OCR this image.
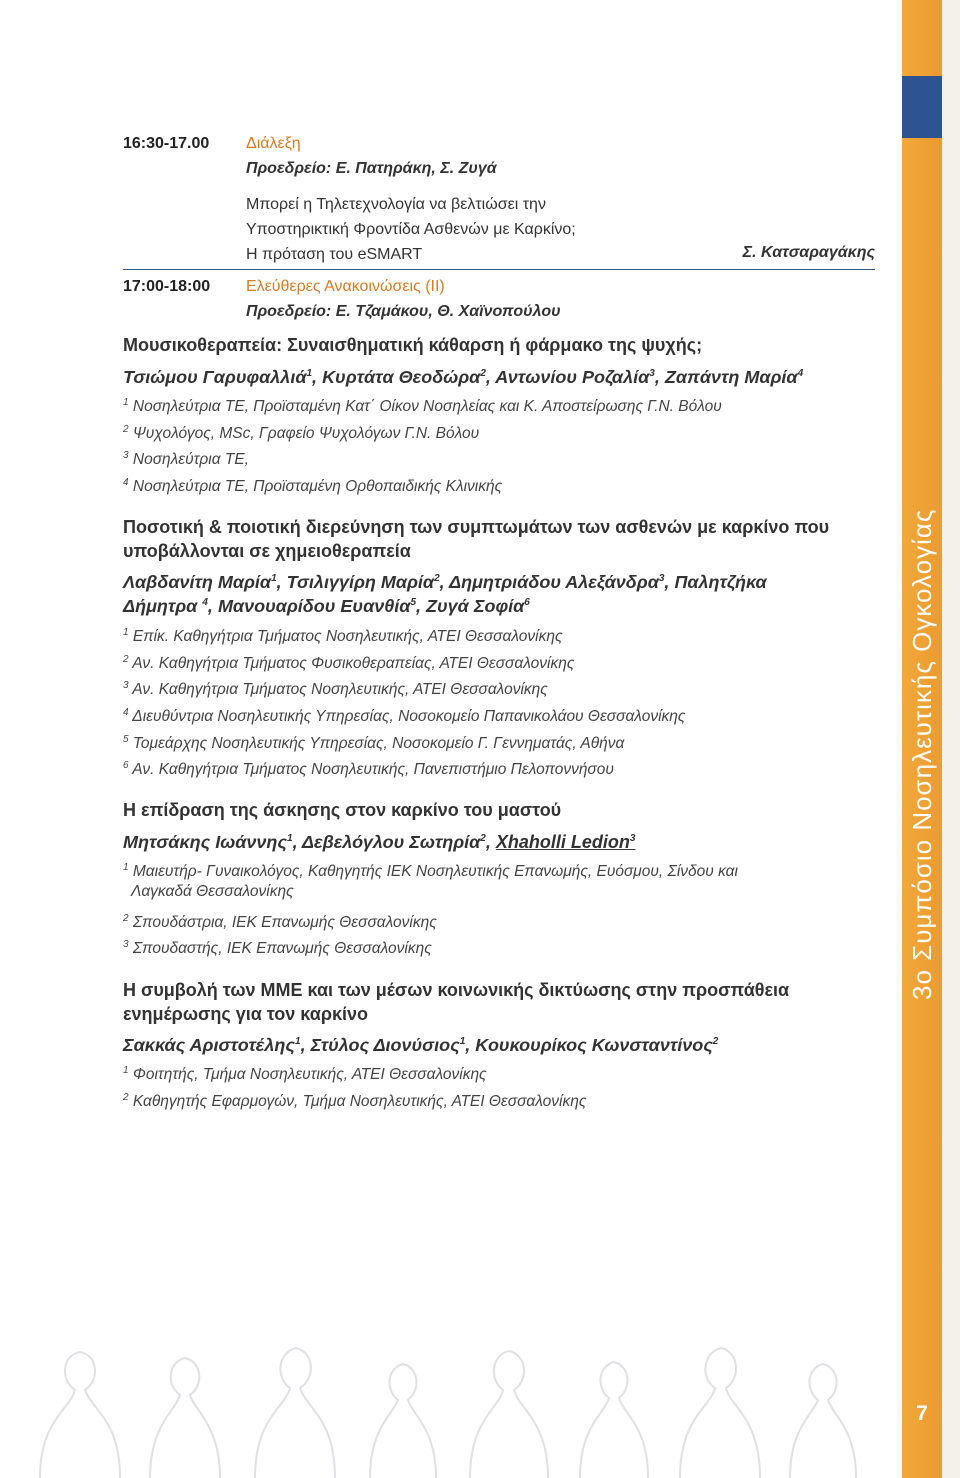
3ο Συμπόσιο Νοσηλευτικής Ογκολογίας
7
16:30-17.00 Διάλεξη
Προεδρείο: Ε. Πατηράκη, Σ. Ζυγά
Μπορεί η Τηλετεχνολογία να βελτιώσει την
Υποστηρικτική Φροντίδα Ασθενών με Καρκίνο;
Η πρόταση του eSMART	Σ. Κατσαραγάκης
17:00-18:00 Ελεύθερες Ανακοινώσεις (ΙΙ)
Προεδρείο: Ε. Τζαμάκου, Θ. Χαϊνοπούλου
Μουσικοθεραπεία: Συναισθηματική κάθαρση ή φάρμακο της ψυχής;
Τσιώμου Γαρυφαλλιά$^1$, Κυρτάτα Θεοδώρα$^2$, Αντωνίου Ροζαλία$^3$, Ζαπάντη Μαρία$^4$
$^1$ Νοσηλεύτρια ΤΕ, Προϊσταμένη Κατ΄ Οίκον Νοσηλείας και Κ. Αποστείρωσης Γ.Ν. Βόλου
$^2$ Ψυχολόγος, MSc, Γραφείο Ψυχολόγων Γ.Ν. Βόλου
$^3$ Νοσηλεύτρια ΤΕ,
$^4$ Νοσηλεύτρια ΤΕ, Προϊσταμένη Ορθοπαιδικής Κλινικής
Ποσοτική & ποιοτική διερεύνηση των συμπτωμάτων των ασθενών με καρκίνο που
υποβάλλονται σε χημειοθεραπεία
Λαβδανίτη Μαρία$^1$, Τσιλιγγίρη Μαρία$^2$, Δημητριάδου Αλεξάνδρα$^3$, Παλητζήκα
Δήμητρα $^4$, Μανουαρίδου Ευανθία$^5$, Ζυγά Σοφία$^6$
$^1$ Επίκ. Καθηγήτρια Τμήματος Νοσηλευτικής, ΑΤΕΙ Θεσσαλονίκης
$^2$ Αν. Καθηγήτρια Τμήματος Φυσικοθεραπείας, ΑΤΕΙ Θεσσαλονίκης
$^3$ Αν. Καθηγήτρια Τμήματος Νοσηλευτικής, ΑΤΕΙ Θεσσαλονίκης
$^4$ Διευθύντρια Νοσηλευτικής Υπηρεσίας, Νοσοκομείο Παπανικολάου Θεσσαλονίκης
$^5$ Τομεάρχης Νοσηλευτικής Υπηρεσίας, Νοσοκομείο Γ. Γεννηματάς, Αθήνα
$^6$ Αν. Καθηγήτρια Τμήματος Νοσηλευτικής, Πανεπιστήμιο Πελοποννήσου
Η επίδραση της άσκησης στον καρκίνο του μαστού
Μητσάκης Ιωάννης$^1$, Δεβελόγλου Σωτηρία$^2$, Xhaholli Ledion$^3$
$^1$ Μαιευτήρ- Γυναικολόγος, Καθηγητής ΙΕΚ Νοσηλευτικής Επανωμής, Ευόσμου, Σίνδου και
Λαγκαδά Θεσσαλονίκης
$^2$ Σπουδάστρια, ΙΕΚ Επανωμής Θεσσαλονίκης
$^3$ Σπουδαστής, ΙΕΚ Επανωμής Θεσσαλονίκης
Η συμβολή των ΜΜΕ και των μέσων κοινωνικής δικτύωσης στην προσπάθεια
ενημέρωσης για τον καρκίνο
Σακκάς Αριστοτέλης$^1$, Στύλος Διονύσιος$^1$, Κουκουρίκος Κωνσταντίνος$^2$
$^1$ Φοιτητής, Τμήμα Νοσηλευτικής, ΑΤΕΙ Θεσσαλονίκης
$^2$ Καθηγητής Εφαρμογών, Τμήμα Νοσηλευτικής, ΑΤΕΙ Θεσσαλονίκης
